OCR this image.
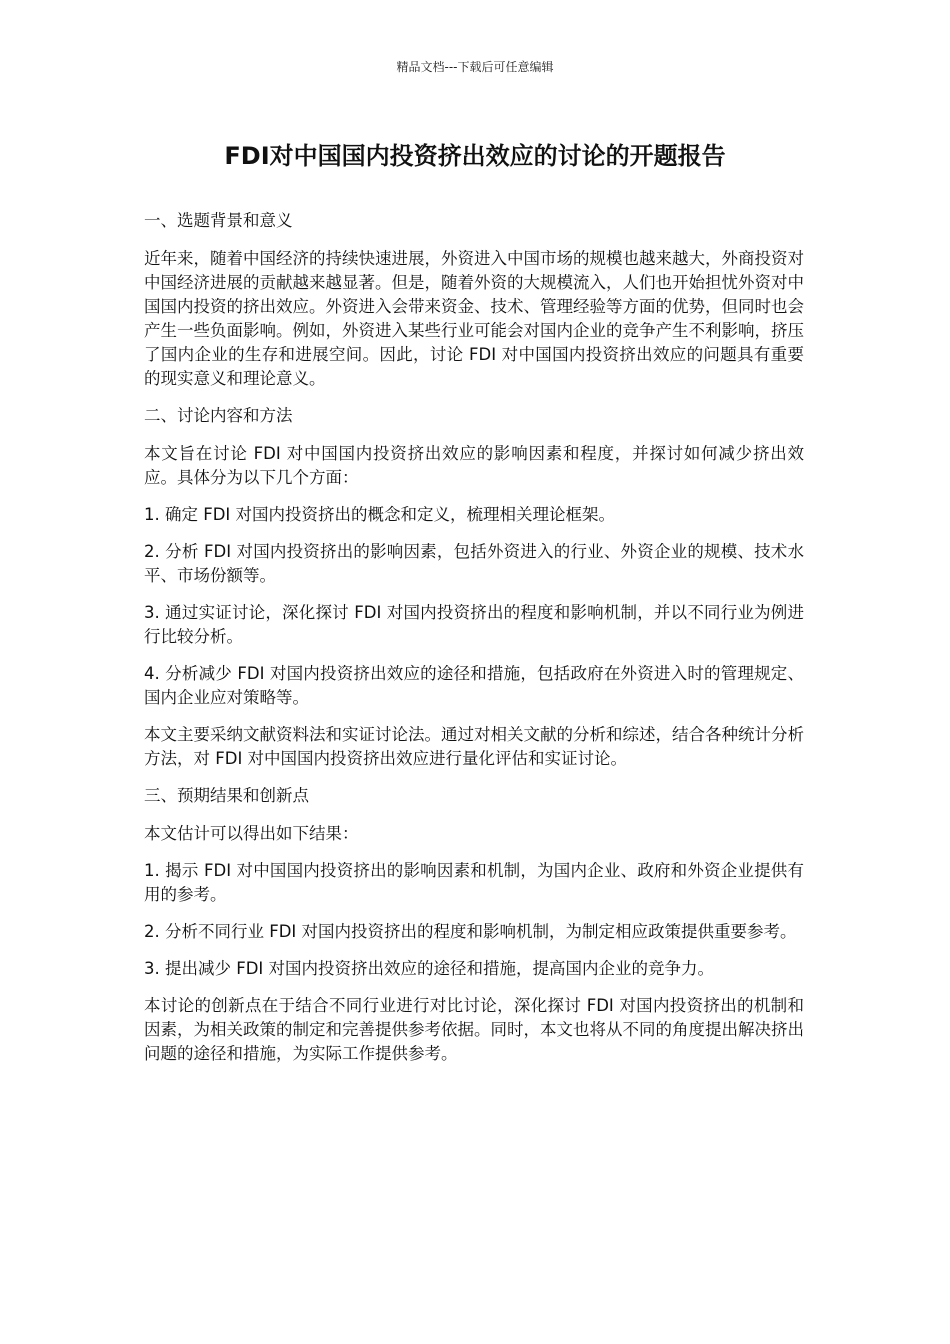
精品文档---下载后可任意编辑
FDI对中国国内投资挤出效应的讨论的开题报告

一、选题背景和意义

近年来，随着中国经济的持续快速进展，外资进入中国市场的规模也越来越大，外商投资对中国经济进展的贡献越来越显著。但是，随着外资的大规模流入，人们也开始担忧外资对中国国内投资的挤出效应。外资进入会带来资金、技术、管理经验等方面的优势，但同时也会产生一些负面影响。例如，外资进入某些行业可能会对国内企业的竞争产生不利影响，挤压了国内企业的生存和进展空间。因此，讨论 FDI 对中国国内投资挤出效应的问题具有重要的现实意义和理论意义。

二、讨论内容和方法

本文旨在讨论 FDI 对中国国内投资挤出效应的影响因素和程度，并探讨如何减少挤出效应。具体分为以下几个方面：

1. 确定 FDI 对国内投资挤出的概念和定义，梳理相关理论框架。

2. 分析 FDI 对国内投资挤出的影响因素，包括外资进入的行业、外资企业的规模、技术水平、市场份额等。

3. 通过实证讨论，深化探讨 FDI 对国内投资挤出的程度和影响机制，并以不同行业为例进行比较分析。

4. 分析减少 FDI 对国内投资挤出效应的途径和措施，包括政府在外资进入时的管理规定、国内企业应对策略等。

本文主要采纳文献资料法和实证讨论法。通过对相关文献的分析和综述，结合各种统计分析方法，对 FDI 对中国国内投资挤出效应进行量化评估和实证讨论。

三、预期结果和创新点

本文估计可以得出如下结果：

1. 揭示 FDI 对中国国内投资挤出的影响因素和机制，为国内企业、政府和外资企业提供有用的参考。

2. 分析不同行业 FDI 对国内投资挤出的程度和影响机制，为制定相应政策提供重要参考。

3. 提出减少 FDI 对国内投资挤出效应的途径和措施，提高国内企业的竞争力。

本讨论的创新点在于结合不同行业进行对比讨论，深化探讨 FDI 对国内投资挤出的机制和因素，为相关政策的制定和完善提供参考依据。同时，本文也将从不同的角度提出解决挤出问题的途径和措施，为实际工作提供参考。
